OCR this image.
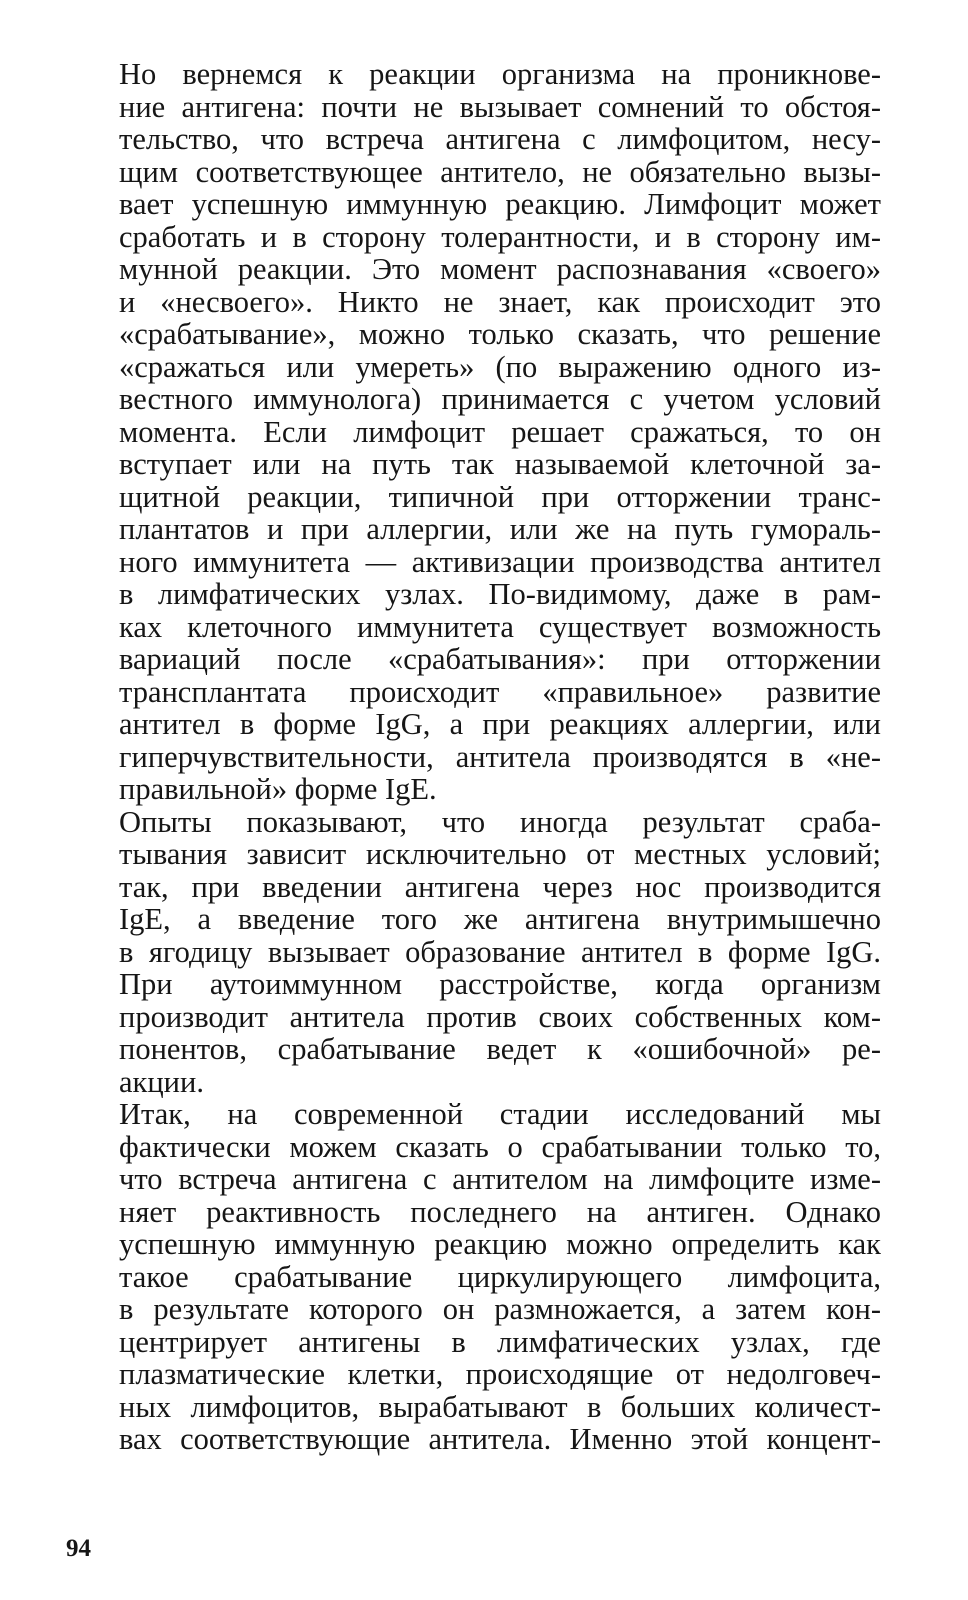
Но вернемся к реакции организма на проникнове-
ние антигена: почти не вызывает сомнений то обстоя-
тельство, что встреча антигена с лимфоцитом, несу-
щим соответствующее антитело, не обязательно вызы-
вает успешную иммунную реакцию. Лимфоцит может
сработать и в сторону толерантности, и в сторону им-
мунной реакции. Это момент распознавания «своего»
и «несвоего». Никто не знает, как происходит это
«срабатывание», можно только сказать, что решение
«сражаться или умереть» (по выражению одного из-
вестного иммунолога) принимается с учетом условий
момента. Если лимфоцит решает сражаться, то он
вступает или на путь так называемой клеточной за-
щитной реакции, типичной при отторжении транс-
плантатов и при аллергии, или же на путь гумораль-
ного иммунитета — активизации производства антител
в лимфатических узлах. По-видимому, даже в рам-
ках клеточного иммунитета существует возможность
вариаций после «срабатывания»: при отторжении
трансплантата происходит «правильное» развитие
антител в форме IgG, а при реакциях аллергии, или
гиперчувствительности, антитела производятся в «не-
правильной» форме IgE.

Опыты показывают, что иногда результат сраба-
тывания зависит исключительно от местных условий;
так, при введении антигена через нос производится
IgE, а введение того же антигена внутримышечно
в ягодицу вызывает образование антител в форме IgG.
При аутоиммунном расстройстве, когда организм
производит антитела против своих собственных ком-
понентов, срабатывание ведет к «ошибочной» ре-
акции.

Итак, на современной стадии исследований мы
фактически можем сказать о срабатывании только то,
что встреча антигена с антителом на лимфоците изме-
няет реактивность последнего на антиген. Однако
успешную иммунную реакцию можно определить как
такое срабатывание циркулирующего лимфоцита,
в результате которого он размножается, а затем кон-
центрирует антигены в лимфатических узлах, где
плазматические клетки, происходящие от недолговеч-
ных лимфоцитов, вырабатывают в больших количест-
вах соответствующие антитела. Именно этой концент-

94
